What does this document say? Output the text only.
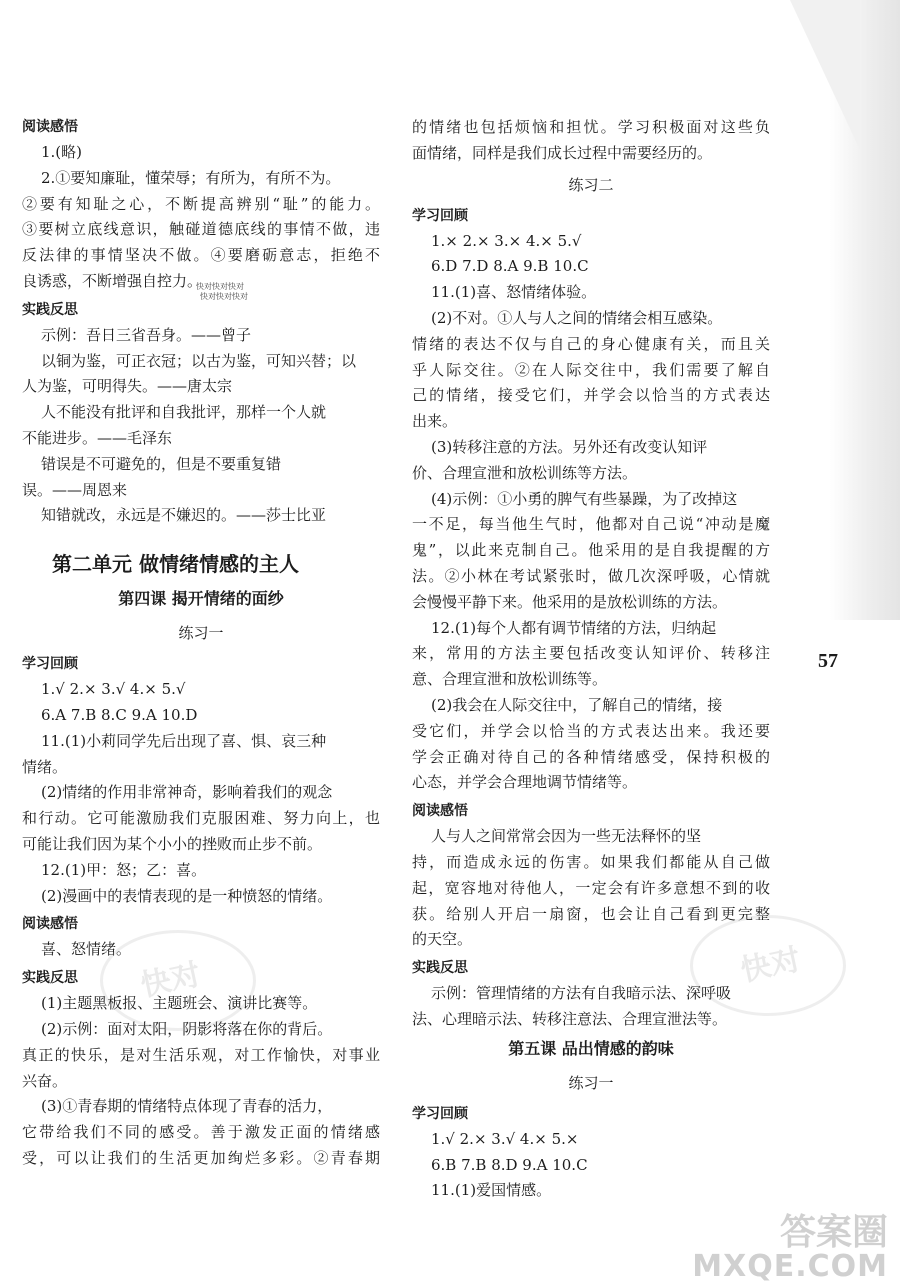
阅读感悟
1.(略)
2.①要知廉耻，懂荣辱；有所为，有所不为。
②要有知耻之心，不断提高辨别“耻”的能力。
③要树立底线意识，触碰道德底线的事情不做，违
反法律的事情坚决不做。④要磨砺意志，拒绝不
良诱惑，不断增强自控力。
实践反思
示例：吾日三省吾身。——曾子
以铜为鉴，可正衣冠；以古为鉴，可知兴替；以
人为鉴，可明得失。——唐太宗
人不能没有批评和自我批评，那样一个人就
不能进步。——毛泽东
错误是不可避免的，但是不要重复错
误。——周恩来
知错就改，永远是不嫌迟的。——莎士比亚
第二单元 做情绪情感的主人
第四课 揭开情绪的面纱
练习一
学习回顾
1.√ 2.× 3.√ 4.× 5.√
6.A 7.B 8.C 9.A 10.D
11.(1)小莉同学先后出现了喜、惧、哀三种
情绪。
(2)情绪的作用非常神奇，影响着我们的观念
和行动。它可能激励我们克服困难、努力向上，也
可能让我们因为某个小小的挫败而止步不前。
12.(1)甲：怒；乙：喜。
(2)漫画中的表情表现的是一种愤怒的情绪。
阅读感悟
喜、怒情绪。
实践反思
(1)主题黑板报、主题班会、演讲比赛等。
(2)示例：面对太阳，阴影将落在你的背后。
真正的快乐，是对生活乐观，对工作愉快，对事业
兴奋。
(3)①青春期的情绪特点体现了青春的活力，
它带给我们不同的感受。善于激发正面的情绪感
受，可以让我们的生活更加绚烂多彩。②青春期
的情绪也包括烦恼和担忧。学习积极面对这些负
面情绪，同样是我们成长过程中需要经历的。
练习二
学习回顾
1.× 2.× 3.× 4.× 5.√
6.D 7.D 8.A 9.B 10.C
11.(1)喜、怒情绪体验。
(2)不对。①人与人之间的情绪会相互感染。
情绪的表达不仅与自己的身心健康有关，而且关
乎人际交往。②在人际交往中，我们需要了解自
己的情绪，接受它们，并学会以恰当的方式表达
出来。
(3)转移注意的方法。另外还有改变认知评
价、合理宣泄和放松训练等方法。
(4)示例：①小勇的脾气有些暴躁，为了改掉这
一不足，每当他生气时，他都对自己说“冲动是魔
鬼”，以此来克制自己。他采用的是自我提醒的方
法。②小林在考试紧张时，做几次深呼吸，心情就
会慢慢平静下来。他采用的是放松训练的方法。
12.(1)每个人都有调节情绪的方法，归纳起
来，常用的方法主要包括改变认知评价、转移注
意、合理宣泄和放松训练等。
(2)我会在人际交往中，了解自己的情绪，接
受它们，并学会以恰当的方式表达出来。我还要
学会正确对待自己的各种情绪感受，保持积极的
心态，并学会合理地调节情绪等。
阅读感悟
人与人之间常常会因为一些无法释怀的坚
持，而造成永远的伤害。如果我们都能从自己做
起，宽容地对待他人，一定会有许多意想不到的收
获。给别人开启一扇窗，也会让自己看到更完整
的天空。
实践反思
示例：管理情绪的方法有自我暗示法、深呼吸
法、心理暗示法、转移注意法、合理宣泄法等。
第五课 品出情感的韵味
练习一
学习回顾
1.√ 2.× 3.√ 4.× 5.×
6.B 7.B 8.D 9.A 10.C
11.(1)爱国情感。
快对快对快对
快对快对快对
57
快对	快对
答案圈
MXQE.COM
